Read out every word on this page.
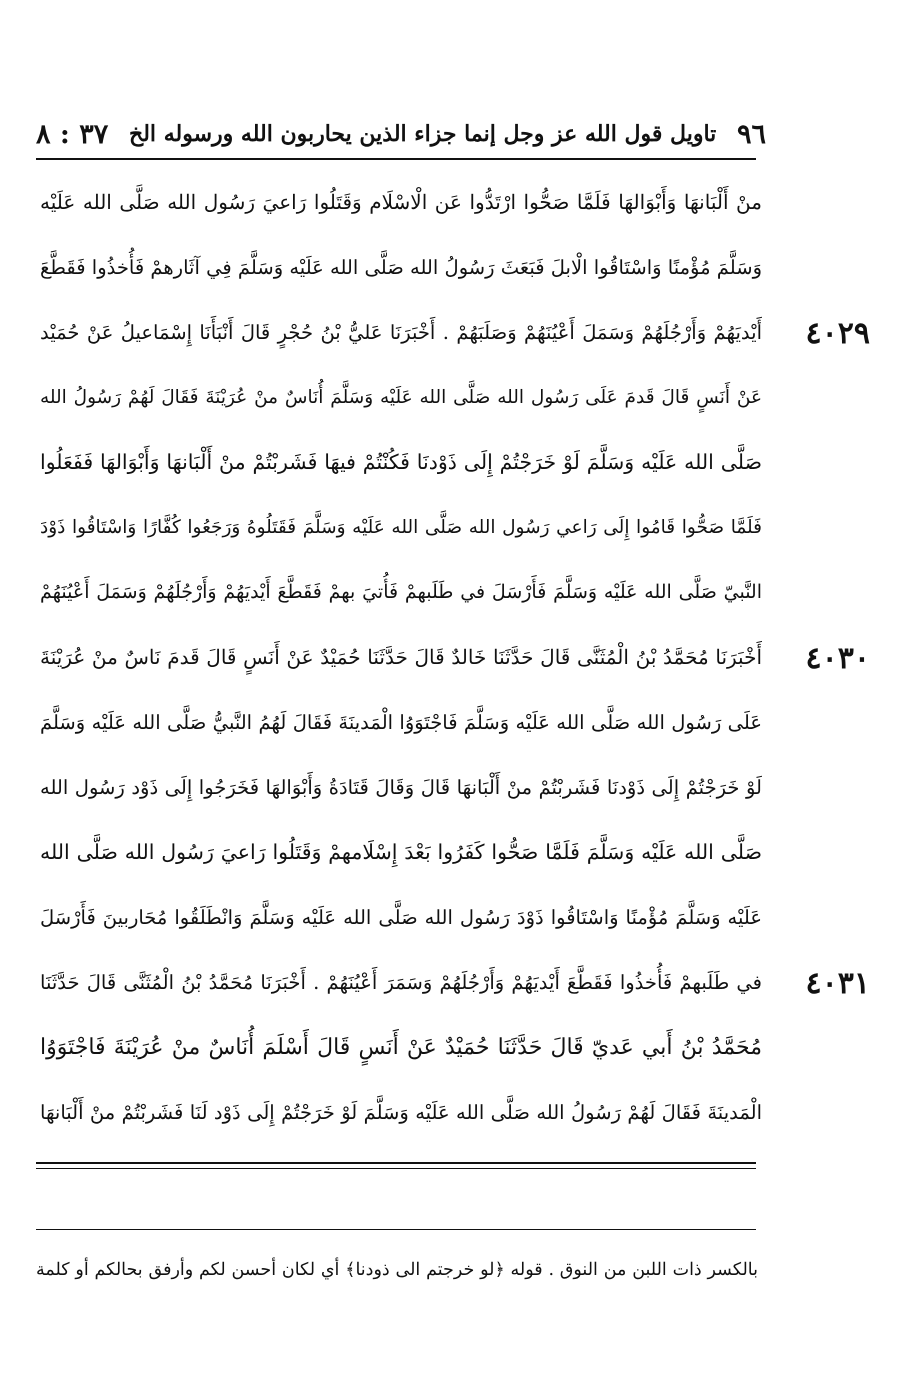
٩٦
تاويل قول الله عز وجل إنما جزاء الذين يحاربون الله ورسوله الخ
٣٧ : ٨
منْ أَلْبَانهَا وَأَبْوَالهَا فَلَمَّا صَحُّوا ارْتَدُّوا عَن الْاسْلَام وَقَتَلُوا رَاعيَ رَسُول الله صَلَّى الله عَلَيْه
وَسَلَّمَ مُؤْمنًا وَاسْتَاقُوا الْابلَ فَبَعَثَ رَسُولُ الله صَلَّى الله عَلَيْه وَسَلَّمَ فِي آثَارهمْ فَأُخذُوا فَقَطَّعَ
أَيْديَهُمْ وَأَرْجُلَهُمْ وَسَمَلَ أَعْيُنَهُمْ وَصَلَبَهُمْ . أَخْبَرَنَا عَليُّ بْنُ حُجْرٍ قَالَ أَنْبَأَنَا إِسْمَاعيلُ عَنْ حُمَيْد
عَنْ أَنَسٍ قَالَ قَدمَ عَلَى رَسُول الله صَلَّى الله عَلَيْه وَسَلَّمَ أُنَاسٌ منْ عُرَيْنَةَ فَقَالَ لَهُمْ رَسُولُ الله
صَلَّى الله عَلَيْه وَسَلَّمَ لَوْ خَرَجْتُمْ إِلَى ذَوْدنَا فَكُنْتُمْ فيهَا فَشَربْتُمْ منْ أَلْبَانهَا وَأَبْوَالهَا فَفَعَلُوا
فَلَمَّا صَحُّوا قَامُوا إِلَى رَاعي رَسُول الله صَلَّى الله عَلَيْه وَسَلَّمَ فَقَتَلُوهُ وَرَجَعُوا كُفَّارًا وَاسْتَاقُوا ذَوْدَ
النَّبيّ صَلَّى الله عَلَيْه وَسَلَّمَ فَأَرْسَلَ في طَلَبهمْ فَأُتيَ بهمْ فَقَطَّعَ أَيْديَهُمْ وَأَرْجُلَهُمْ وَسَمَلَ أَعْيُنَهُمْ
أَخْبَرَنَا مُحَمَّدُ بْنُ الْمُثَنَّى قَالَ حَدَّثَنَا خَالدٌ قَالَ حَدَّثَنَا حُمَيْدٌ عَنْ أَنَسٍ قَالَ قَدمَ نَاسٌ منْ عُرَيْنَةَ
عَلَى رَسُول الله صَلَّى الله عَلَيْه وَسَلَّمَ فَاجْتَوَوُا الْمَدينَةَ فَقَالَ لَهُمُ النَّبيُّ صَلَّى الله عَلَيْه وَسَلَّمَ
لَوْ خَرَجْتُمْ إِلَى ذَوْدنَا فَشَربْتُمْ منْ أَلْبَانهَا قَالَ وَقَالَ قَتَادَةُ وَأَبْوَالهَا فَخَرَجُوا إِلَى ذَوْد رَسُول الله
صَلَّى الله عَلَيْه وَسَلَّمَ فَلَمَّا صَحُّوا كَفَرُوا بَعْدَ إِسْلَامهمْ وَقَتَلُوا رَاعيَ رَسُول الله صَلَّى الله
عَلَيْه وَسَلَّمَ مُؤْمنًا وَاسْتَاقُوا ذَوْدَ رَسُول الله صَلَّى الله عَلَيْه وَسَلَّمَ وَانْطَلَقُوا مُحَاربينَ فَأَرْسَلَ
في طَلَبهمْ فَأُخذُوا فَقَطَّعَ أَيْديَهُمْ وَأَرْجُلَهُمْ وَسَمَرَ أَعْيُنَهُمْ . أَخْبَرَنَا مُحَمَّدُ بْنُ الْمُثَنَّى قَالَ حَدَّثَنَا
مُحَمَّدُ بْنُ أَبي عَديّ قَالَ حَدَّثَنَا حُمَيْدٌ عَنْ أَنَسٍ قَالَ أَسْلَمَ أُنَاسٌ منْ عُرَيْنَةَ فَاجْتَوَوُا
الْمَدينَةَ فَقَالَ لَهُمْ رَسُولُ الله صَلَّى الله عَلَيْه وَسَلَّمَ لَوْ خَرَجْتُمْ إِلَى ذَوْد لَنَا فَشَربْتُمْ منْ أَلْبَانهَا
٤٠٢٩
٤٠٣٠
٤٠٣١
بالكسر ذات اللبن من النوق . قوله ﴿لو خرجتم الى ذودنا﴾ أي لكان أحسن لكم وأرفق بحالكم أو كلمة
